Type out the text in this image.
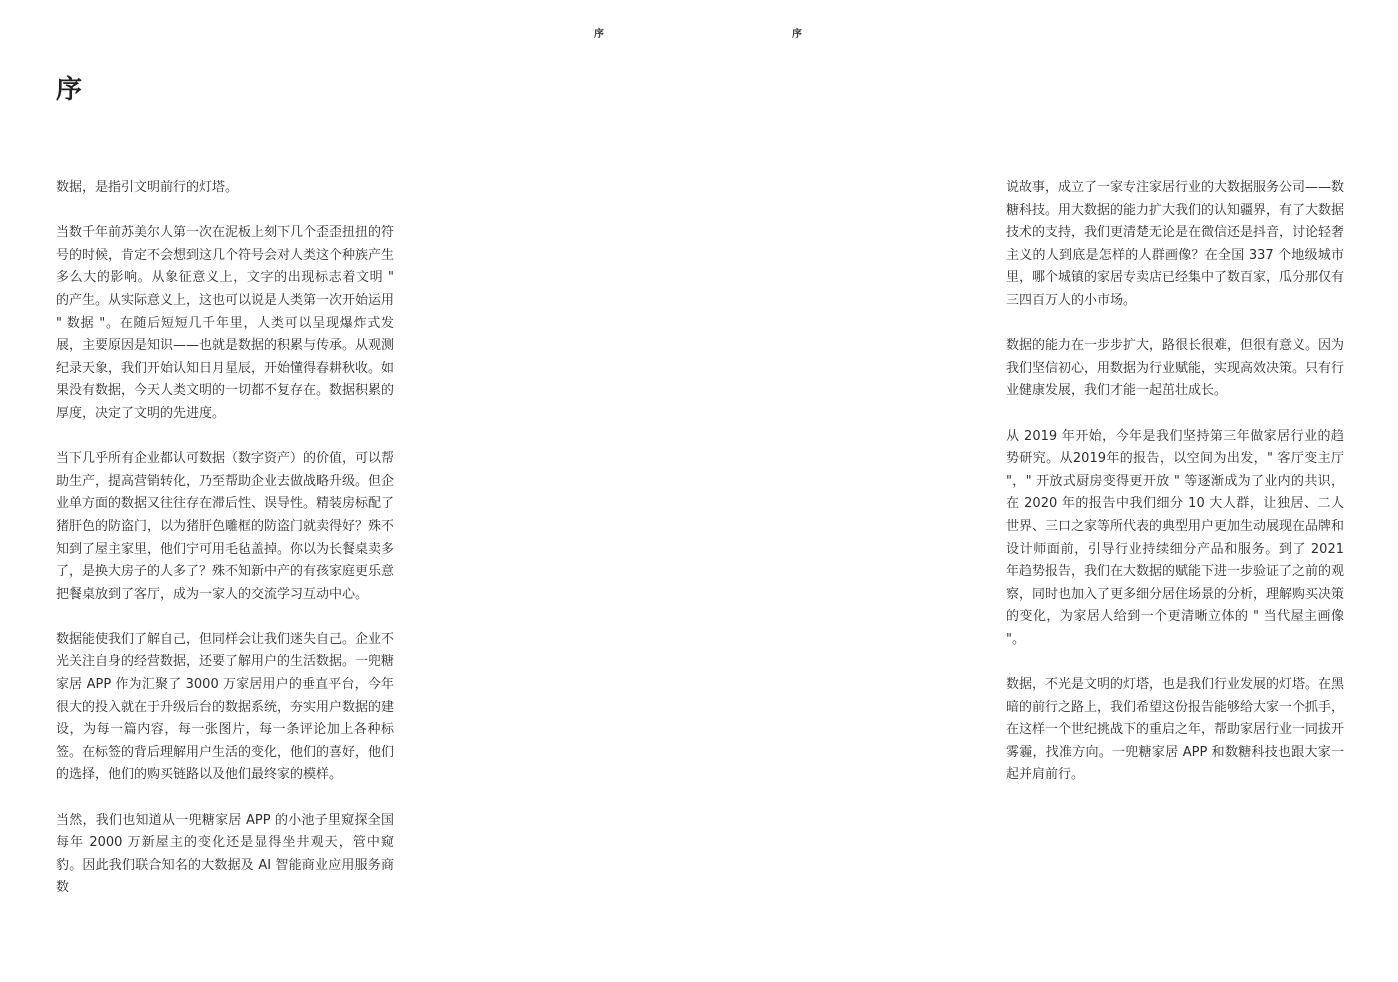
序	序
序

数据，是指引文明前行的灯塔。

当数千年前苏美尔人第一次在泥板上刻下几个歪歪扭扭的符号的时候，肯定不会想到这几个符号会对人类这个种族产生多么大的影响。从象征意义上，文字的出现标志着文明 " 的产生。从实际意义上，这也可以说是人类第一次开始运用 " 数据 "。在随后短短几千年里，人类可以呈现爆炸式发展，主要原因是知识——也就是数据的积累与传承。从观测纪录天象，我们开始认知日月星辰，开始懂得春耕秋收。如果没有数据，今天人类文明的一切都不复存在。数据积累的厚度，决定了文明的先进度。

当下几乎所有企业都认可数据（数字资产）的价值，可以帮助生产，提高营销转化，乃至帮助企业去做战略升级。但企业单方面的数据又往往存在滞后性、误导性。精装房标配了猪肝色的防盗门，以为猪肝色雕框的防盗门就卖得好？殊不知到了屋主家里，他们宁可用毛毡盖掉。你以为长餐桌卖多了，是换大房子的人多了？殊不知新中产的有孩家庭更乐意把餐桌放到了客厅，成为一家人的交流学习互动中心。

数据能使我们了解自己，但同样会让我们迷失自己。企业不光关注自身的经营数据，还要了解用户的生活数据。一兜糖家居 APP 作为汇聚了 3000 万家居用户的垂直平台，今年很大的投入就在于升级后台的数据系统，夯实用户数据的建设，为每一篇内容，每一张图片，每一条评论加上各种标签。在标签的背后理解用户生活的变化，他们的喜好，他们的选择，他们的购买链路以及他们最终家的模样。

当然，我们也知道从一兜糖家居 APP 的小池子里窥探全国每年 2000 万新屋主的变化还是显得坐井观天，管中窥豹。因此我们联合知名的大数据及 AI 智能商业应用服务商数

说故事，成立了一家专注家居行业的大数据服务公司——数糖科技。用大数据的能力扩大我们的认知疆界，有了大数据技术的支持，我们更清楚无论是在微信还是抖音，讨论轻奢主义的人到底是怎样的人群画像？在全国 337 个地级城市里，哪个城镇的家居专卖店已经集中了数百家，瓜分那仅有三四百万人的小市场。

数据的能力在一步步扩大，路很长很难，但很有意义。因为我们坚信初心，用数据为行业赋能，实现高效决策。只有行业健康发展，我们才能一起茁壮成长。

从 2019 年开始，今年是我们坚持第三年做家居行业的趋势研究。从2019年的报告，以空间为出发，" 客厅变主厅 "，" 开放式厨房变得更开放 " 等逐渐成为了业内的共识，在 2020 年的报告中我们细分 10 大人群，让独居、二人世界、三口之家等所代表的典型用户更加生动展现在品牌和设计师面前，引导行业持续细分产品和服务。到了 2021 年趋势报告，我们在大数据的赋能下进一步验证了之前的观察，同时也加入了更多细分居住场景的分析，理解购买决策的变化，为家居人给到一个更清晰立体的 " 当代屋主画像 "。

数据，不光是文明的灯塔，也是我们行业发展的灯塔。在黑暗的前行之路上，我们希望这份报告能够给大家一个抓手，在这样一个世纪挑战下的重启之年，帮助家居行业一同拔开雾霾，找准方向。一兜糖家居 APP 和数糖科技也跟大家一起并肩前行。
